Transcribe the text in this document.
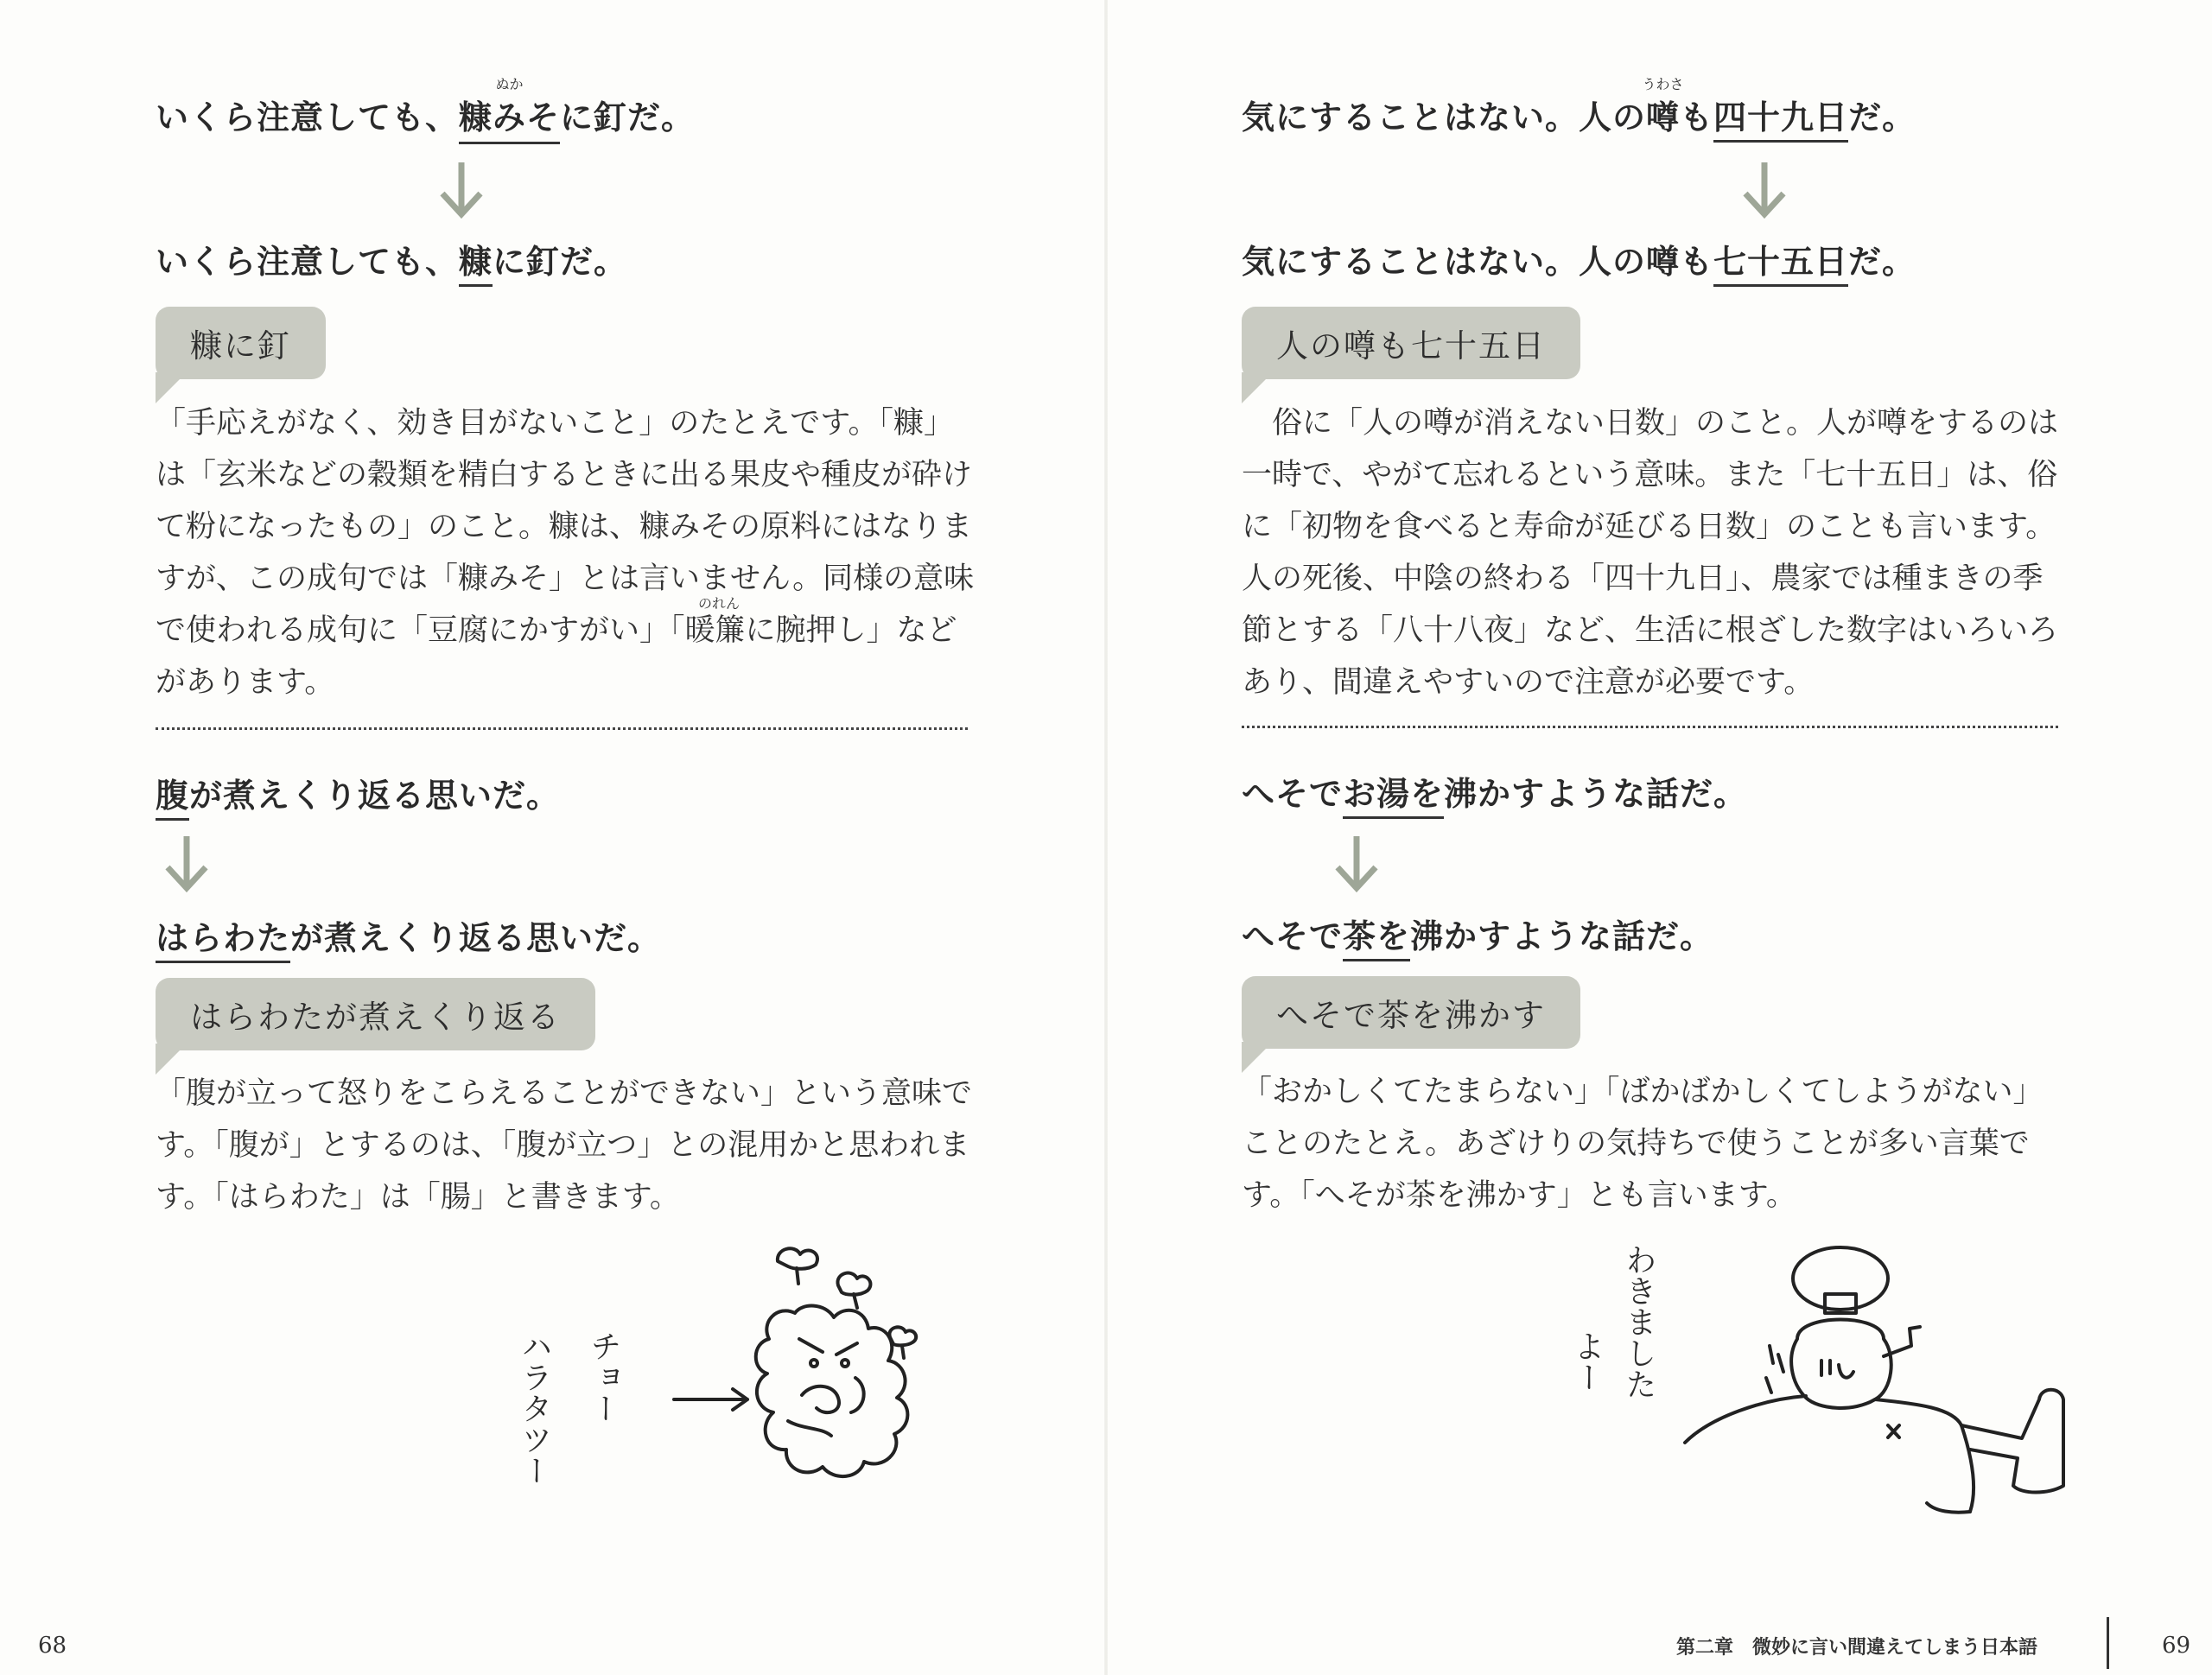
いくら注意しても、
ぬか
糠みそに釘だ。
いくら注意しても、糠に釘だ。
糠に釘
「手応えがなく、効き目がないこと」のたとえです。「糠」
は「玄米などの穀類を精白するときに出る果皮や種皮が砕け
て粉になったもの」のこと。糠は、糠みその原料にはなりま
すが、この成句では「糠みそ」とは言いません。同様の意味
で使われる成句に「豆腐にかすがい」「暖簾に腕押し」など
があります。
のれん
腹が煮えくり返る思いだ。
はらわたが煮えくり返る思いだ。
はらわたが煮えくり返る
「腹が立って怒りをこらえることができない」という意味で
す。「腹が」とするのは、「腹が立つ」との混用かと思われま
す。「はらわた」は「腸」と書きます。
ハラタツー チョー
68
気にすることはない。人の
うわさ
噂も四十九日だ。
気にすることはない。人の噂も七十五日だ。
人の噂も七十五日
　俗に「人の噂が消えない日数」のこと。人が噂をするのは
一時で、やがて忘れるという意味。また「七十五日」は、俗
に「初物を食べると寿命が延びる日数」のことも言います。
人の死後、中陰の終わる「四十九日」、農家では種まきの季
節とする「八十八夜」など、生活に根ざした数字はいろいろ
あり、間違えやすいので注意が必要です。
へそでお湯を沸かすような話だ。
へそで茶を沸かすような話だ。
へそで茶を沸かす
「おかしくてたまらない」「ばかばかしくてしようがない」
ことのたとえ。あざけりの気持ちで使うことが多い言葉で
す。「へそが茶を沸かす」とも言います。
わきました
よー
第二章　微妙に言い間違えてしまう日本語	69
